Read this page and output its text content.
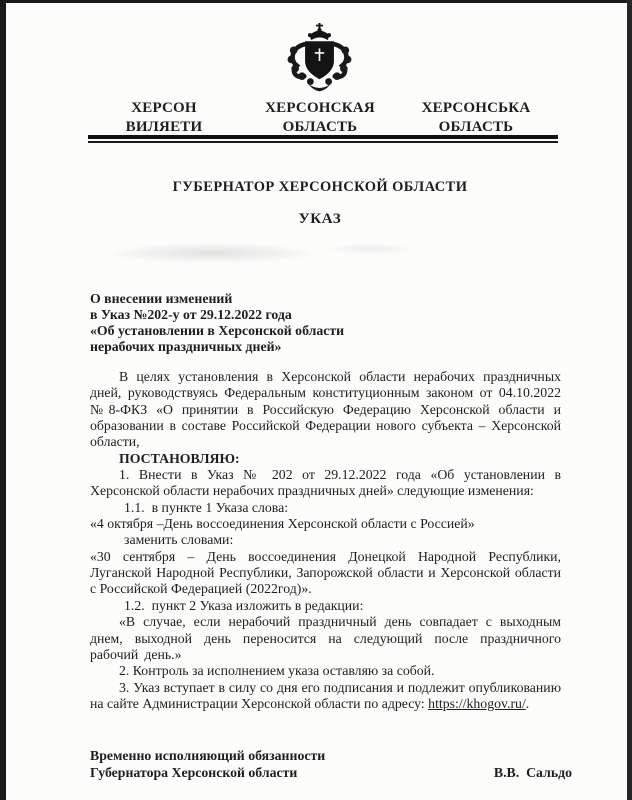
ХЕРСОН
ВИЛЯЕТИ
ХЕРСОНСКАЯ
ОБЛАСТЬ
ХЕРСОНСЬКА
ОБЛАСТЬ
ГУБЕРНАТОР ХЕРСОНСКОЙ ОБЛАСТИ
УКАЗ
О внесении изменений
в Указ №202-у от 29.12.2022 года
«Об установлении в Херсонской области
нерабочих праздничных дней»

В целях установления в Херсонской области нерабочих праздничных дней, руководствуясь Федеральным конституционным законом от 04.10.2022 №8-ФКЗ «О принятии в Российскую Федерацию Херсонской области и образовании в составе Российской Федерации нового субъекта – Херсонской области,

ПОСТАНОВЛЯЮ:

1. Внести в Указ № 202 от 29.12.2022 года «Об установлении в Херсонской области нерабочих праздничных дней» следующие изменения:

1.1.  в пункте 1 Указа слова:

«4 октября –День воссоединения Херсонской области с Россией»

заменить словами:

«30 сентября – День воссоединения Донецкой Народной Республики, Луганской Народной Республики, Запорожской области и Херсонской области с Российской Федерацией (2022год)».

1.2.  пункт 2 Указа изложить в редакции:

«В случае, если нерабочий праздничный день совпадает с выходным днем, выходной день переносится на следующий после праздничного рабочий день.»

2. Контроль за исполнением указа оставляю за собой.

3. Указ вступает в силу со дня его подписания и подлежит опубликованию на сайте Администрации Херсонской области по адресу: https://khogov.ru/.

Временно исполняющий обязанности
Губернатора Херсонской области	В.В.  Сальдо
